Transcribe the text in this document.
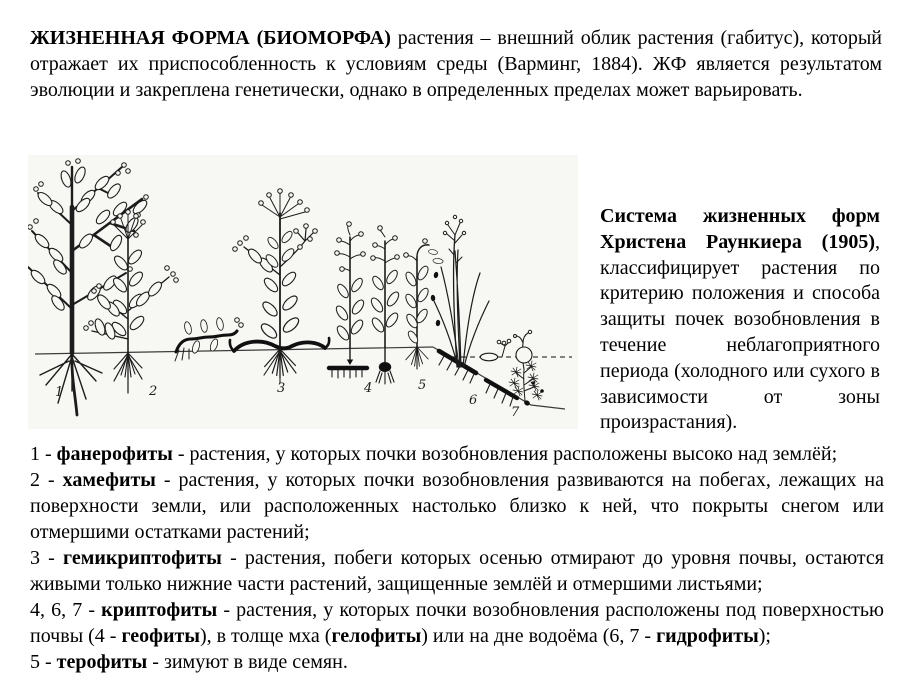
ЖИЗНЕННАЯ ФОРМА (БИОМОРФА) растения – внешний облик растения (габитус), который отражает их приспособленность к условиям среды (Варминг, 1884). ЖФ является результатом эволюции и закреплена генетически, однако в определенных пределах может варьировать.
1	2	3	4	5
6
7
Система жизненных форм Христена Раункиера (1905), классифицирует растения по критерию положения и способа защиты почек возобновления в течение неблагоприятного периода (холодного или сухого в зависимости от зоны произрастания).

1 - фанерофиты - растения, у которых почки возобновления расположены высоко над землёй;

2 - хамефиты - растения, у которых почки возобновления развиваются на побегах, лежащих на поверхности земли, или расположенных настолько близко к ней, что покрыты снегом или отмершими остатками растений;

3 - гемикриптофиты - растения, побеги которых осенью отмирают до уровня почвы, остаются живыми только нижние части растений, защищенные землёй и отмершими листьями;

4, 6, 7 - криптофиты - растения, у которых почки возобновления расположены под поверхностью почвы (4 - геофиты), в толще мха (гелофиты) или на дне водоёма (6, 7 - гидрофиты);

5 - терофиты - зимуют в виде семян.
